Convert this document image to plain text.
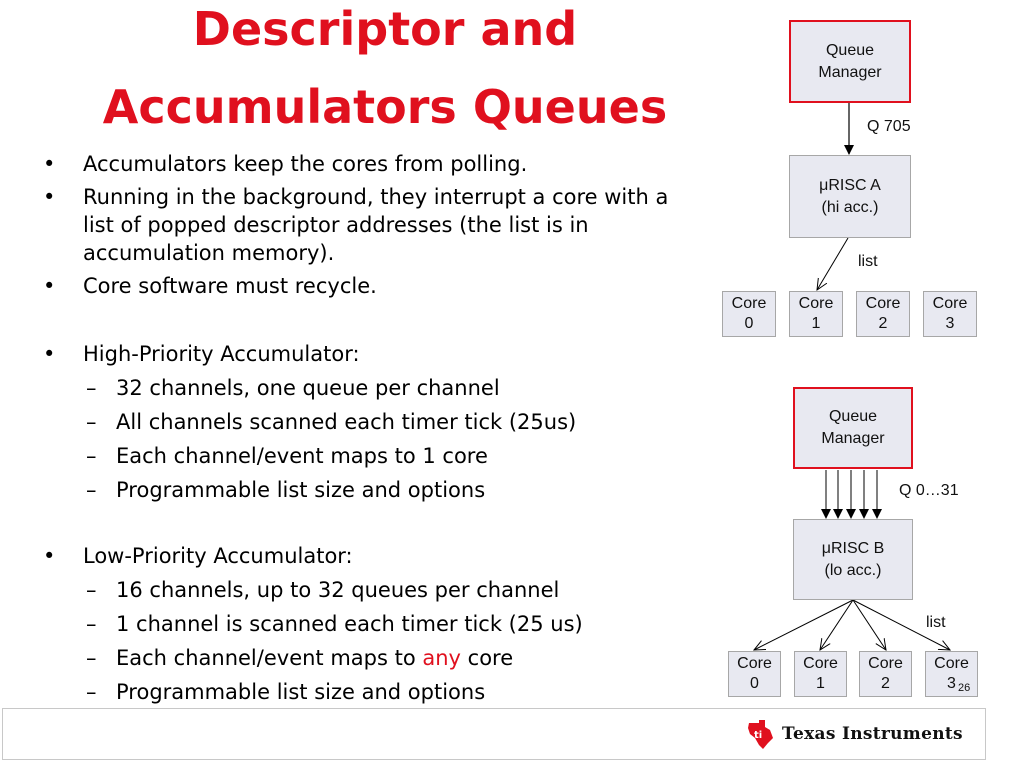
Descriptor and
Accumulators Queues
• Accumulators keep the cores from polling.
• Running in the background, they interrupt a core with a
list of popped descriptor addresses (the list is in
accumulation memory).
• Core software must recycle.
• High-Priority Accumulator:
– 32 channels, one queue per channel
– All channels scanned each timer tick (25us)
– Each channel/event maps to 1 core
– Programmable list size and options
• Low-Priority Accumulator:
– 16 channels, up to 32 queues per channel
– 1 channel is scanned each timer tick (25 us)
– Each channel/event maps to any core
– Programmable list size and options
Queue
Manager
Q 705
μRISC A
(hi acc.)
list
Core
0
Core
1
Core
2
Core
3
Queue
Manager
Q 0…31
μRISC B
(lo acc.)
list
Core
0
Core
1
Core
2
Core
3 26
ti Texas Instruments
